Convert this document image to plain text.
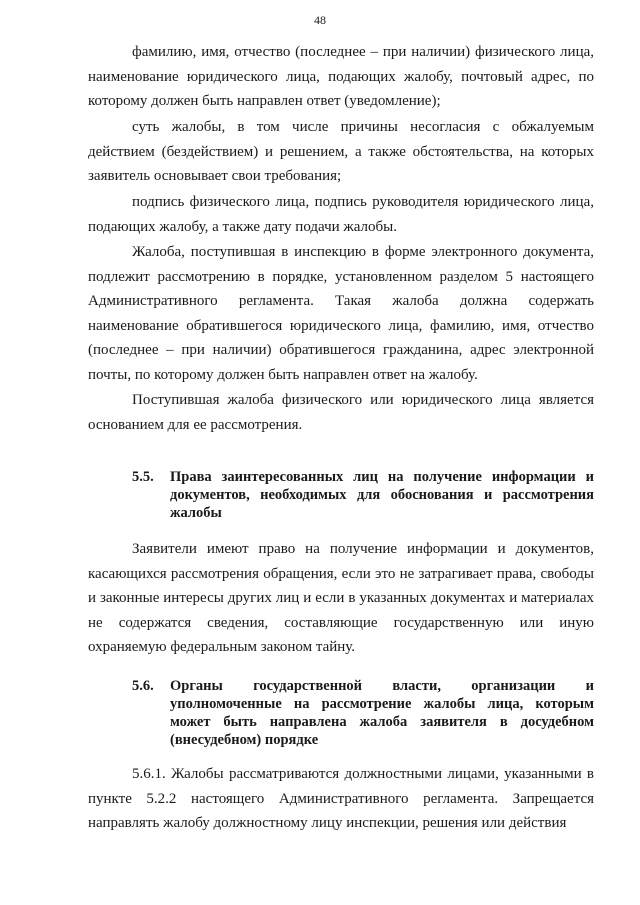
48

фамилию, имя, отчество (последнее – при наличии) физического лица, наименование юридического лица, подающих жалобу, почтовый адрес, по которому должен быть направлен ответ (уведомление);

суть жалобы, в том числе причины несогласия с обжалуемым действием (бездействием) и решением, а также обстоятельства, на которых заявитель основывает свои требования;

подпись физического лица, подпись руководителя юридического лица, подающих жалобу, а также дату подачи жалобы.

Жалоба, поступившая в инспекцию в форме электронного документа, подлежит рассмотрению в порядке, установленном разделом 5 настоящего Административного регламента. Такая жалоба должна содержать наименование обратившегося юридического лица, фамилию, имя, отчество (последнее – при наличии) обратившегося гражданина, адрес электронной почты, по которому должен быть направлен ответ на жалобу.

Поступившая жалоба физического или юридического лица является основанием для ее рассмотрения.

5.5. Права заинтересованных лиц на получение информации и документов, необходимых для обоснования и рассмотрения жалобы

Заявители имеют право на получение информации и документов, касающихся рассмотрения обращения, если это не затрагивает права, свободы и законные интересы других лиц и если в указанных документах и материалах не содержатся сведения, составляющие государственную или иную охраняемую федеральным законом тайну.

5.6. Органы государственной власти, организации и уполномоченные на рассмотрение жалобы лица, которым может быть направлена жалоба заявителя в досудебном (внесудебном) порядке

5.6.1. Жалобы рассматриваются должностными лицами, указанными в пункте 5.2.2 настоящего Административного регламента. Запрещается направлять жалобу должностному лицу инспекции, решения или действия
